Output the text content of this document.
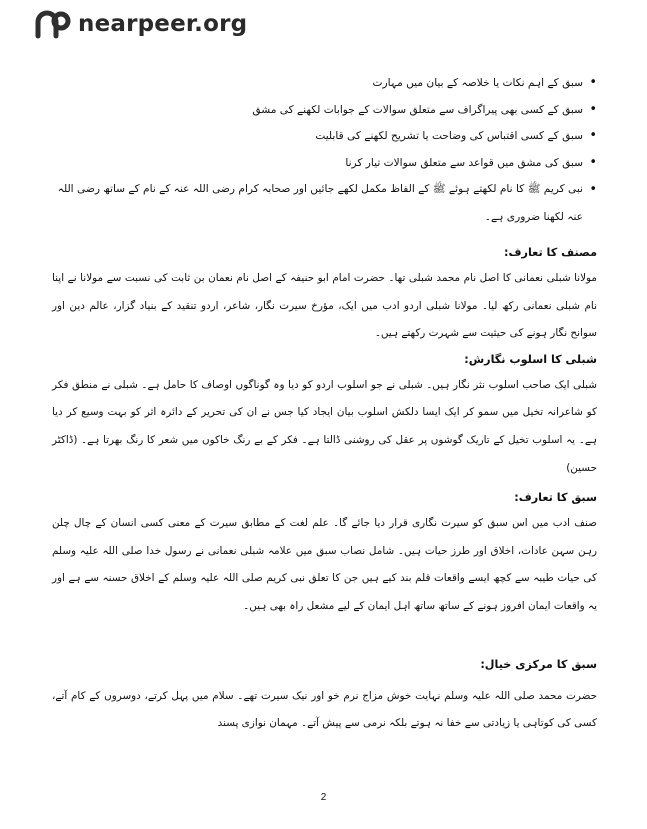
nearpeer.org
• سبق کے اہم نکات یا خلاصہ کے بیان میں مہارت
• سبق کے کسی بھی پیراگراف سے متعلق سوالات کے جوابات لکھنے کی مشق
• سبق کے کسی اقتباس کی وضاحت یا تشریح لکھنے کی قابلیت
• سبق کی مشق میں قواعد سے متعلق سوالات تیار کرنا
• نبی کریم ﷺ کا نام لکھتے ہوئے ﷺ کے الفاظ مکمل لکھے جائیں اور صحابہ کرام رضی اللہ عنہ کے نام کے ساتھ رضی اللہ عنہ لکھنا ضروری ہے۔
مصنف کا تعارف:

مولانا شبلی نعمانی کا اصل نام محمد شبلی تھا۔ حضرت امام ابو حنیفہ کے اصل نام نعمان بن ثابت کی نسبت سے مولانا نے اپنا نام شبلی نعمانی رکھ لیا۔ مولانا شبلی اردو ادب میں ایک، مؤرخ سیرت نگار، شاعر، اردو تنقید کے بنیاد گزار، عالم دین اور سوانح نگار ہونے کی حیثیت سے شہرت رکھتے ہیں۔

شبلی کا اسلوب نگارش:

شبلی ایک صاحب اسلوب نثر نگار ہیں۔ شبلی نے جو اسلوب اردو کو دیا وہ گوناگوں اوصاف کا حامل ہے۔ شبلی نے منطق فکر کو شاعرانہ تخیل میں سمو کر ایک ایسا دلکش اسلوب بیان ایجاد کیا جس نے ان کی تحریر کے دائرہ اثر کو بہت وسیع کر دیا ہے۔ یہ اسلوب تخیل کے تاریک گوشوں پر عقل کی روشنی ڈالتا ہے۔ فکر کے بے رنگ خاکوں میں شعر کا رنگ بھرتا ہے۔ (ڈاکٹر حسین)

سبق کا تعارف:

صنف ادب میں اس سبق کو سیرت نگاری قرار دیا جائے گا۔ علم لغت کے مطابق سیرت کے معنی کسی انسان کے چال چلن رہن سہن عادات، اخلاق اور طرز حیات ہیں۔ شامل نصاب سبق میں علامہ شبلی نعمانی نے رسول خدا صلی اللہ علیہ وسلم کی حیات طیبہ سے کچھ ایسے واقعات قلم بند کیے ہیں جن کا تعلق نبی کریم صلی اللہ علیہ وسلم کے اخلاق حسنہ سے ہے اور یہ واقعات ایمان افروز ہونے کے ساتھ ساتھ اہل ایمان کے لیے مشعل راہ بھی ہیں۔

سبق کا مرکزی خیال:

حضرت محمد صلی اللہ علیہ وسلم نہایت خوش مزاج نرم خو اور نیک سیرت تھے۔ سلام میں پہل کرتے، دوسروں کے کام آتے، کسی کی کوتاہی یا زیادتی سے خفا نہ ہوتے بلکہ نرمی سے پیش آتے۔ مہمان نوازی پسند

2
